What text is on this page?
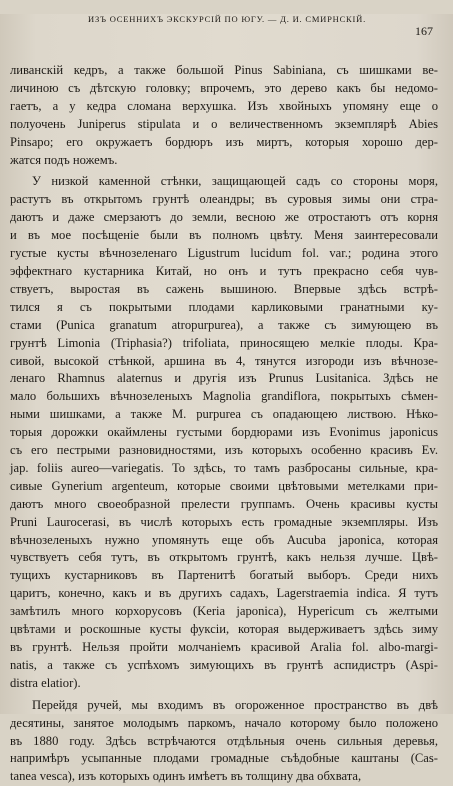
ИЗЪ ОСЕННИХЪ ЭКСКУРСІЙ ПО ЮГУ. — Д. И. СМИРНСКІЙ.
167
ливанскій кедръ, а также большой Pinus Sabiniana, съ шишками ве-
личиною съ дѣтскую головку; впрочемъ, это дерево какъ бы недомо-
гаетъ, а у кедра сломана верхушка. Изъ хвойныхъ упомяну еще о
полуочень Juniperus stipulata и о величественномъ экземплярѣ Abies
Pinsapo; его окружаетъ бордюръ изъ миртъ, которыя хорошо дер-
жатся подъ ножемъ.
У низкой каменной стѣнки, защищающей садъ со стороны моря,
растутъ въ открытомъ грунтѣ олеандры; въ суровыя зимы они стра-
даютъ и даже смерзаютъ до земли, весною же отростаютъ отъ корня
и въ мое посѣщеніе были въ полномъ цвѣту. Меня заинтересовали
густые кусты вѣчнозеленаго Ligustrum lucidum fol. var.; родина этого
эффектнаго кустарника Китай, но онъ и тутъ прекрасно себя чув-
ствуетъ, выростая въ сажень вышиною. Впервые здѣсь встрѣ-
тился я съ покрытыми плодами карликовыми гранатными ку-
стами (Punica granatum atropurpurea), а также съ зимующею въ
грунтѣ Limonia (Triphasia?) trifoliata, приносящею мелкіе плоды. Кра-
сивой, высокой стѣнкой, аршина въ 4, тянутся изгороди изъ вѣчнозе-
ленаго Rhamnus alaternus и другія изъ Prunus Lusitanica. Здѣсь не
мало большихъ вѣчнозеленыхъ Magnolia grandiflora, покрытыхъ сѣмен-
ными шишками, а также M. purpurea съ опадающею листвою. Нѣко-
торыя дорожки окаймлены густыми бордюрами изъ Evonimus japonicus
съ его пестрыми разновидностями, изъ которыхъ особенно красивъ Ev.
jap. foliis aureo—variegatis. То здѣсь, то тамъ разбросаны сильные, кра-
сивые Gynerium argenteum, которые своими цвѣтовыми метелками при-
даютъ много своеобразной прелести группамъ. Очень красивы кусты
Pruni Laurocerasi, въ числѣ которыхъ есть громадные экземпляры. Изъ
вѣчнозеленыхъ нужно упомянуть еще объ Aucuba japonica, которая
чувствуетъ себя тутъ, въ открытомъ грунтѣ, какъ нельзя лучше. Цвѣ-
тущихъ кустарниковъ въ Партенитѣ богатый выборъ. Среди нихъ
царитъ, конечно, какъ и въ другихъ садахъ, Lagerstraemia indica. Я тутъ
замѣтилъ много корхорусовъ (Keria japonica), Hypericum съ желтыми
цвѣтами и роскошные кусты фуксіи, которая выдерживаетъ здѣсь зиму
въ грунтѣ. Нельзя пройти молчаніемъ красивой Aralia fol. albo-margi-
natis, а также съ успѣхомъ зимующихъ въ грунтѣ аспидистръ (Aspi-
distra elatior).
Перейдя ручей, мы входимъ въ огороженное пространство въ двѣ
десятины, занятое молодымъ паркомъ, начало которому было положено
въ 1880 году. Здѣсь встрѣчаются отдѣльныя очень сильныя деревья,
напримѣръ усыпанные плодами громадные съѣдобные каштаны (Cas-
tanea vesca), изъ которыхъ одинъ имѣетъ въ толщину два обхвата,
